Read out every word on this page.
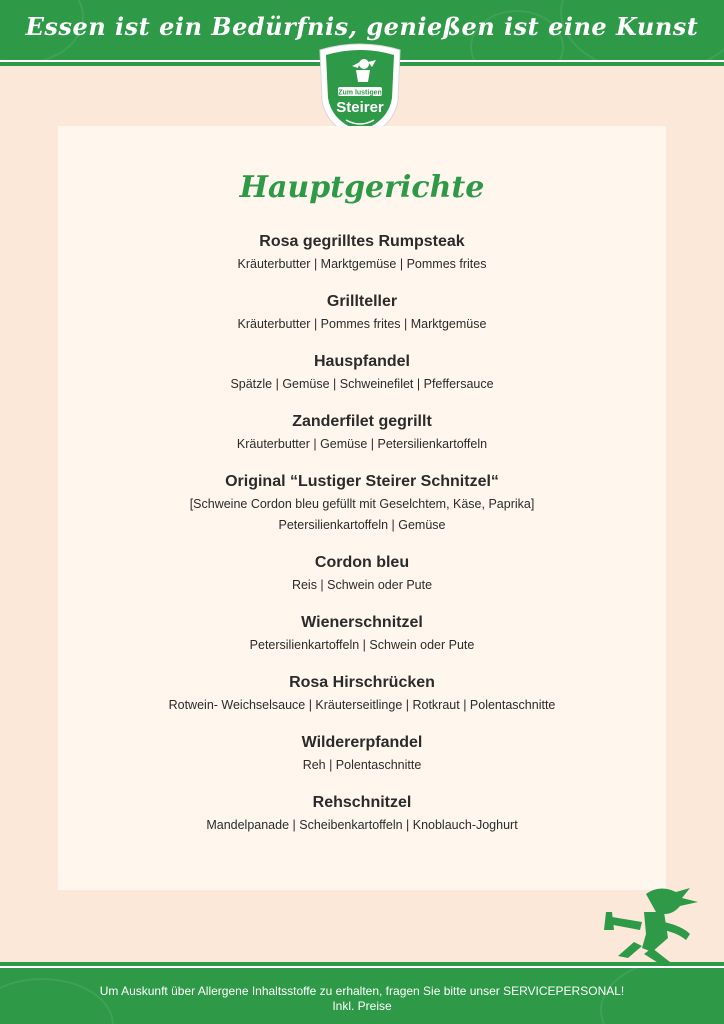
Essen ist ein Bedürfnis, genießen ist eine Kunst
Zum lustigen
Steirer
Hauptgerichte
Rosa gegrilltes Rumpsteak
Kräuterbutter | Marktgemüse | Pommes frites
Grillteller
Kräuterbutter | Pommes frites | Marktgemüse
Hauspfandel
Spätzle | Gemüse | Schweinefilet | Pfeffersauce
Zanderfilet gegrillt
Kräuterbutter | Gemüse | Petersilienkartoffeln
Original “Lustiger Steirer Schnitzel“
[Schweine Cordon bleu gefüllt mit Geselchtem, Käse, Paprika]
Petersilienkartoffeln | Gemüse
Cordon bleu
Reis | Schwein oder Pute
Wienerschnitzel
Petersilienkartoffeln | Schwein oder Pute
Rosa Hirschrücken
Rotwein- Weichselsauce | Kräuterseitlinge | Rotkraut | Polentaschnitte
Wildererpfandel
Reh | Polentaschnitte
Rehschnitzel
Mandelpanade | Scheibenkartoffeln | Knoblauch-Joghurt
Um Auskunft über Allergene Inhaltsstoffe zu erhalten, fragen Sie bitte unser SERVICEPERSONAL!
Inkl. Preise
